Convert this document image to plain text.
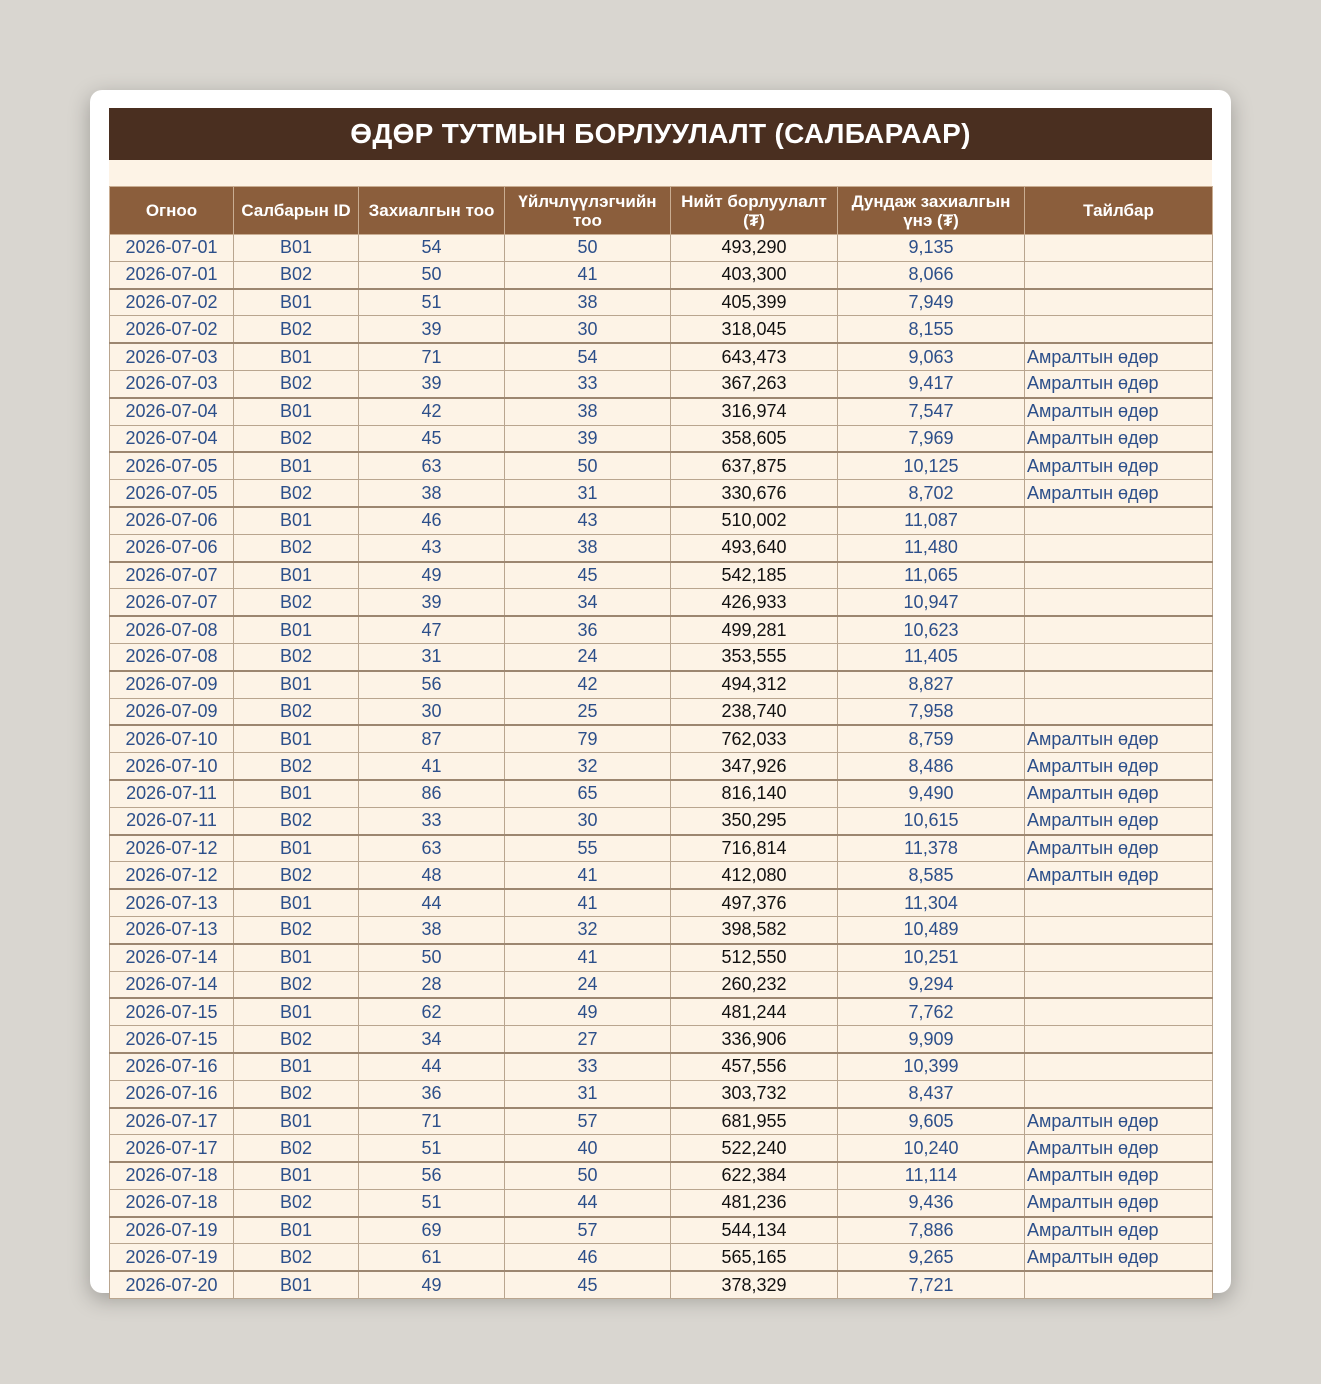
ӨДӨР ТУТМЫН БОРЛУУЛАЛТ (САЛБАРААР)
Огноо	Салбарын ID	Захиалгын тоо	Үйлчлүүлэгчийн тоо	Нийт борлуулалт (₮)	Дундаж захиалгын үнэ (₮)	Тайлбар
2026-07-01	B01	54	50	493,290	9,135	
2026-07-01	B02	50	41	403,300	8,066	
2026-07-02	B01	51	38	405,399	7,949	
2026-07-02	B02	39	30	318,045	8,155	
2026-07-03	B01	71	54	643,473	9,063	Амралтын өдөр
2026-07-03	B02	39	33	367,263	9,417	Амралтын өдөр
2026-07-04	B01	42	38	316,974	7,547	Амралтын өдөр
2026-07-04	B02	45	39	358,605	7,969	Амралтын өдөр
2026-07-05	B01	63	50	637,875	10,125	Амралтын өдөр
2026-07-05	B02	38	31	330,676	8,702	Амралтын өдөр
2026-07-06	B01	46	43	510,002	11,087	
2026-07-06	B02	43	38	493,640	11,480	
2026-07-07	B01	49	45	542,185	11,065	
2026-07-07	B02	39	34	426,933	10,947	
2026-07-08	B01	47	36	499,281	10,623	
2026-07-08	B02	31	24	353,555	11,405	
2026-07-09	B01	56	42	494,312	8,827	
2026-07-09	B02	30	25	238,740	7,958	
2026-07-10	B01	87	79	762,033	8,759	Амралтын өдөр
2026-07-10	B02	41	32	347,926	8,486	Амралтын өдөр
2026-07-11	B01	86	65	816,140	9,490	Амралтын өдөр
2026-07-11	B02	33	30	350,295	10,615	Амралтын өдөр
2026-07-12	B01	63	55	716,814	11,378	Амралтын өдөр
2026-07-12	B02	48	41	412,080	8,585	Амралтын өдөр
2026-07-13	B01	44	41	497,376	11,304	
2026-07-13	B02	38	32	398,582	10,489	
2026-07-14	B01	50	41	512,550	10,251	
2026-07-14	B02	28	24	260,232	9,294	
2026-07-15	B01	62	49	481,244	7,762	
2026-07-15	B02	34	27	336,906	9,909	
2026-07-16	B01	44	33	457,556	10,399	
2026-07-16	B02	36	31	303,732	8,437	
2026-07-17	B01	71	57	681,955	9,605	Амралтын өдөр
2026-07-17	B02	51	40	522,240	10,240	Амралтын өдөр
2026-07-18	B01	56	50	622,384	11,114	Амралтын өдөр
2026-07-18	B02	51	44	481,236	9,436	Амралтын өдөр
2026-07-19	B01	69	57	544,134	7,886	Амралтын өдөр
2026-07-19	B02	61	46	565,165	9,265	Амралтын өдөр
2026-07-20	B01	49	45	378,329	7,721	
